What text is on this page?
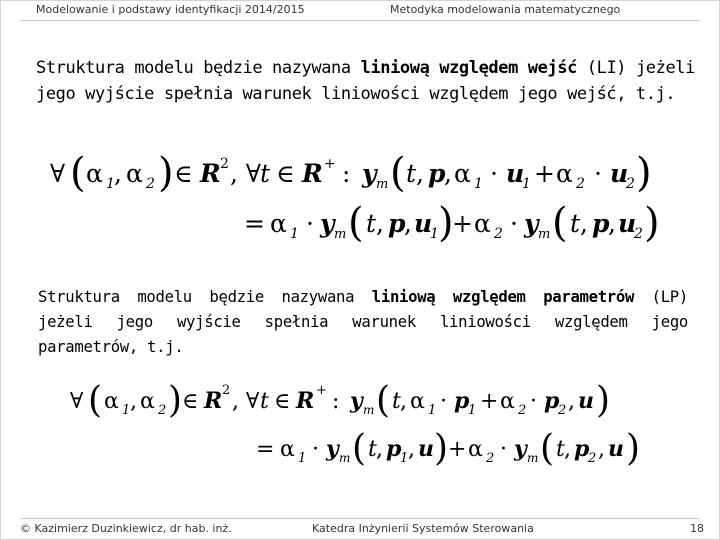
Modelowanie i podstawy identyfikacji 2014/2015	Metodyka modelowania matematycznego
Struktura modelu będzie nazywana liniową względem wejść (LI) jeżeli jego wyjście spełnia warunek liniowości względem jego wejść, t.j.
∀ ( α 1 , α 2 ) ∈ R 2 , ∀ t ∈ R + : y m ( t , p
, α 1 · u
1 + α 2 · u
2 )
= α 1 · y m ( t , p
, u
1 )
+ α 2 · y m ( t , p
, u
2 )
Struktura modelu będzie nazywana liniową względem parametrów (LP) jeżeli jego wyjście spełnia warunek liniowości względem jego parametrów, t.j.
∀ ( α 1 , α 2 ) ∈ R 2 , ∀ t ∈ R + : y m ( t , α 1 · p
1 + α 2 · p
2 , u )
= α 1 · y m ( t , p
1 , u ) + α 2 · y m ( t , p
2 , u )
© Kazimierz Duzinkiewicz, dr hab. inż.	Katedra Inżynierii Systemów Sterowania	18
